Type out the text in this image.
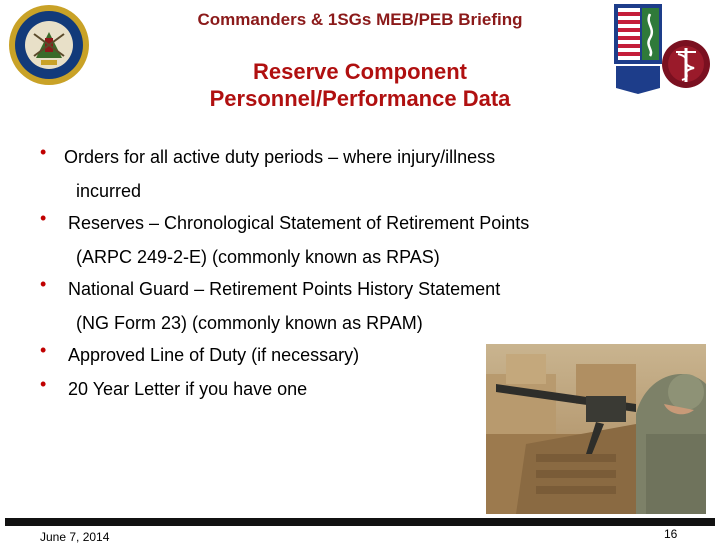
Commanders & 1SGs MEB/PEB Briefing
Reserve Component
Personnel/Performance Data
• Orders for all active duty periods – where injury/illness
incurred
•	Reserves – Chronological Statement of Retirement Points
(ARPC 249-2-E) (commonly known as RPAS)
•	National Guard – Retirement Points History Statement
(NG Form 23) (commonly known as RPAM)
•	Approved Line of Duty (if necessary)
•	20 Year Letter if you have one
June 7, 2014	16
